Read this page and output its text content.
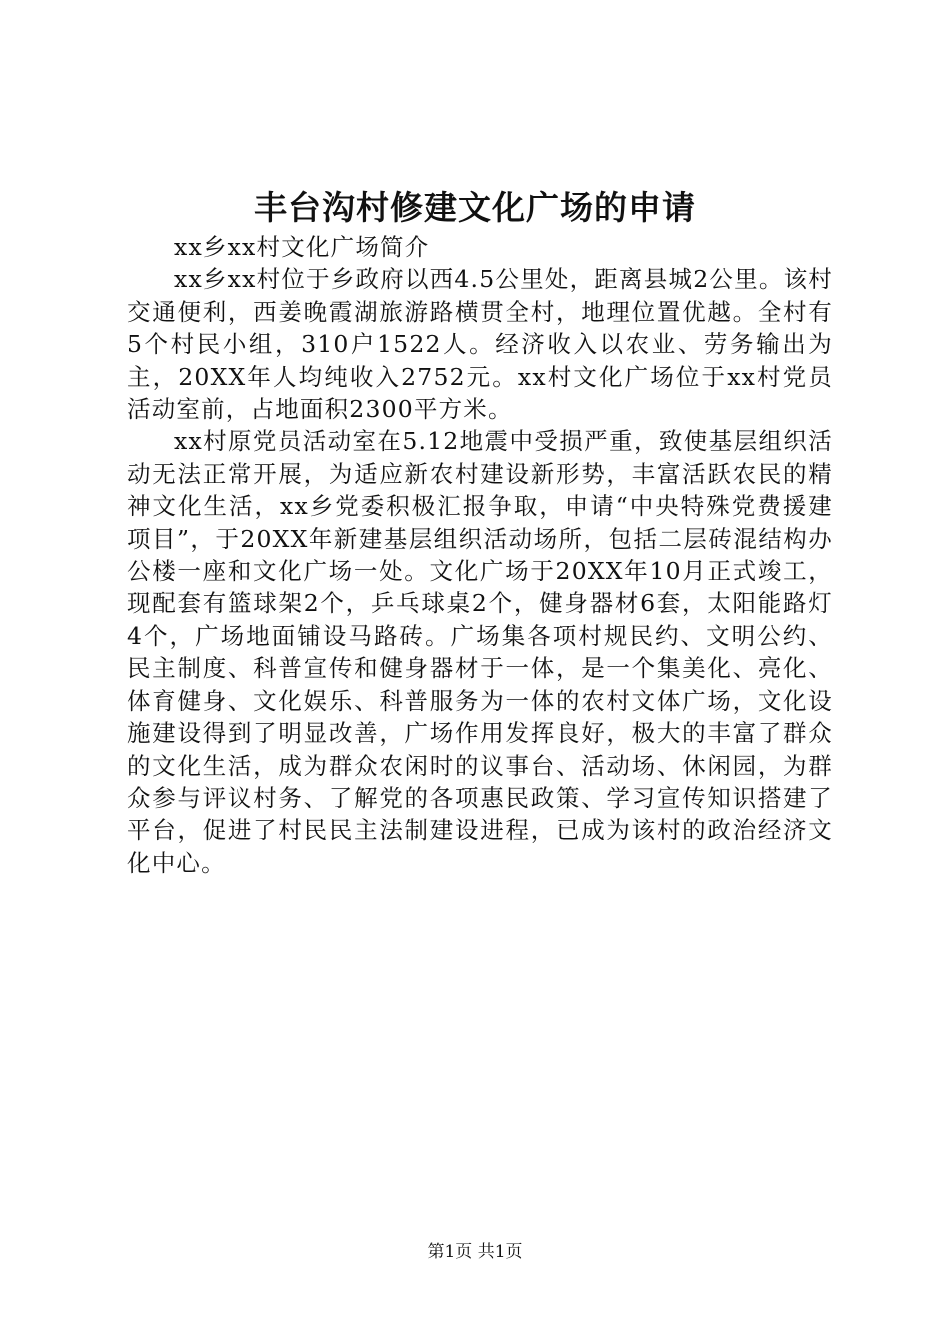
丰台沟村修建文化广场的申请

xx乡xx村文化广场简介

xx乡xx村位于乡政府以西4.5公里处，距离县城2公里。该村交通便利，西姜晚霞湖旅游路横贯全村，地理位置优越。全村有5个村民小组，310户1522人。经济收入以农业、劳务输出为主，20XX年人均纯收入2752元。xx村文化广场位于xx村党员活动室前，占地面积2300平方米。

xx村原党员活动室在5.12地震中受损严重，致使基层组织活动无法正常开展，为适应新农村建设新形势，丰富活跃农民的精神文化生活，xx乡党委积极汇报争取，申请“中央特殊党费援建项目”，于20XX年新建基层组织活动场所，包括二层砖混结构办公楼一座和文化广场一处。文化广场于20XX年10月正式竣工，现配套有篮球架2个，乒乓球桌2个，健身器材6套，太阳能路灯4个，广场地面铺设马路砖。广场集各项村规民约、文明公约、民主制度、科普宣传和健身器材于一体，是一个集美化、亮化、体育健身、文化娱乐、科普服务为一体的农村文体广场，文化设施建设得到了明显改善，广场作用发挥良好，极大的丰富了群众的文化生活，成为群众农闲时的议事台、活动场、休闲园，为群众参与评议村务、了解党的各项惠民政策、学习宣传知识搭建了平台，促进了村民民主法制建设进程，已成为该村的政治经济文化中心。

第1页 共1页
